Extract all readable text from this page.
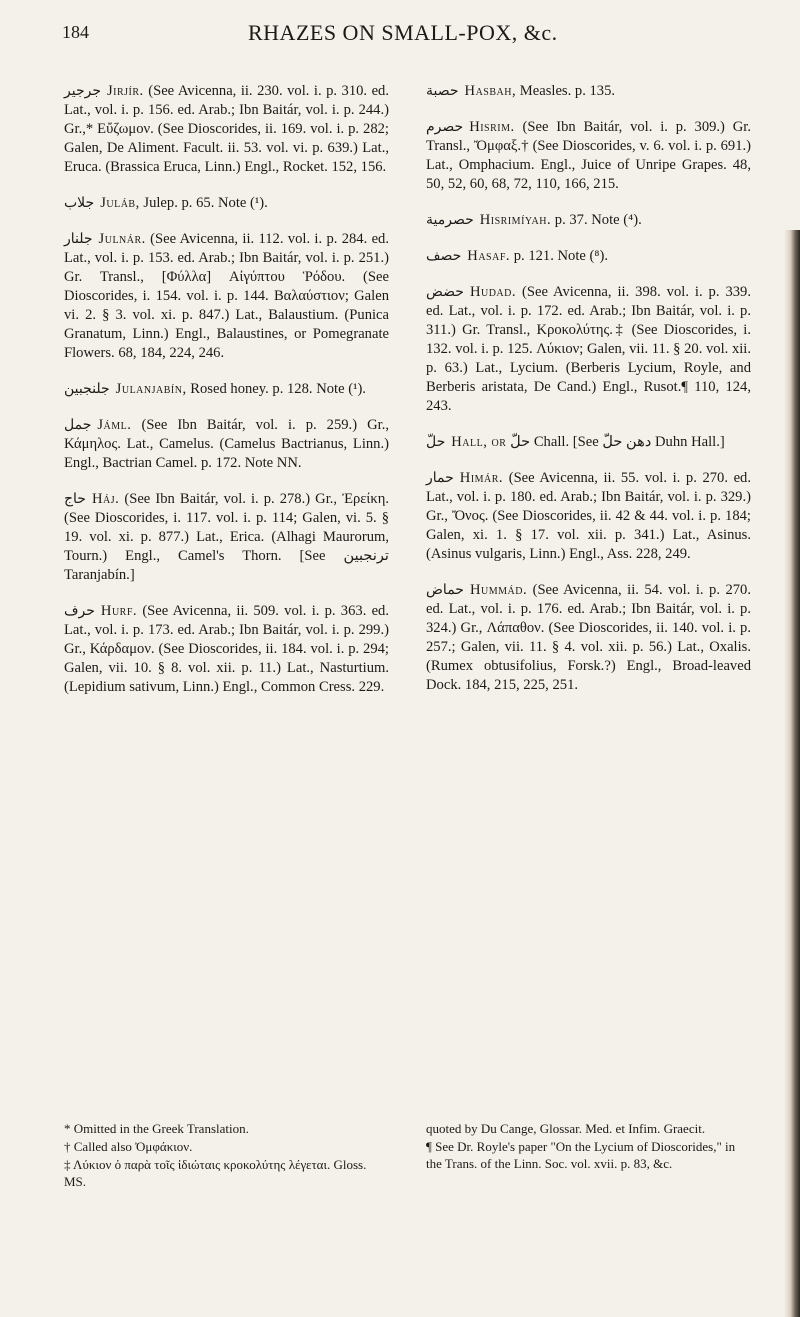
184	RHAZES ON SMALL-POX, &c.
جرجير Jirjír. (See Avicenna, ii. 230. vol. i. p. 310. ed. Lat., vol. i. p. 156. ed. Arab.; Ibn Baitár, vol. i. p. 244.) Gr.,* Εὔζωμον. (See Dioscorides, ii. 169. vol. i. p. 282; Galen, De Aliment. Facult. ii. 53. vol. vi. p. 639.) Lat., Eruca. (Brassica Eruca, Linn.) Engl., Rocket. 152, 156.
جلاب Juláb, Julep. p. 65. Note (¹).
جلنار Julnár. (See Avicenna, ii. 112. vol. i. p. 284. ed. Lat., vol. i. p. 153. ed. Arab.; Ibn Baitár, vol. i. p. 251.) Gr. Transl., [Φύλλα] Αἰγύπτου Ῥόδου. (See Dioscorides, i. 154. vol. i. p. 144. Βαλαύστιον; Galen vi. 2. § 3. vol. xi. p. 847.) Lat., Balaustium. (Punica Granatum, Linn.) Engl., Balaustines, or Pomegranate Flowers. 68, 184, 224, 246.
جلنجبين Julanjabín, Rosed honey. p. 128. Note (¹).
جمل Jáml. (See Ibn Baitár, vol. i. p. 259.) Gr., Κάμηλος. Lat., Camelus. (Camelus Bactrianus, Linn.) Engl., Bactrian Camel. p. 172. Note NN.
حاج Háj. (See Ibn Baitár, vol. i. p. 278.) Gr., Ἐρείκη. (See Dioscorides, i. 117. vol. i. p. 114; Galen, vi. 5. § 19. vol. xi. p. 877.) Lat., Erica. (Alhagi Maurorum, Tourn.) Engl., Camel's Thorn. [See ترنجبين Taranjabín.]
حرف Hurf. (See Avicenna, ii. 509. vol. i. p. 363. ed. Lat., vol. i. p. 173. ed. Arab.; Ibn Baitár, vol. i. p. 299.) Gr., Κάρδαμον. (See Dioscorides, ii. 184. vol. i. p. 294; Galen, vii. 10. § 8. vol. xii. p. 11.) Lat., Nasturtium. (Lepidium sativum, Linn.) Engl., Common Cress. 229.
حصبة Hasbah, Measles. p. 135.
حصرم Hisrim. (See Ibn Baitár, vol. i. p. 309.) Gr. Transl., Ὄμφαξ.† (See Dioscorides, v. 6. vol. i. p. 691.) Lat., Omphacium. Engl., Juice of Unripe Grapes. 48, 50, 52, 60, 68, 72, 110, 166, 215.
حصرمية Hisrimíyah. p. 37. Note (⁴).
حصف Hasaf. p. 121. Note (⁸).
حضض Hudad. (See Avicenna, ii. 398. vol. i. p. 339. ed. Lat., vol. i. p. 172. ed. Arab.; Ibn Baitár, vol. i. p. 311.) Gr. Transl., Κροκολύτης.‡ (See Dioscorides, i. 132. vol. i. p. 125. Λύκιον; Galen, vii. 11. § 20. vol. xii. p. 63.) Lat., Lycium. (Berberis Lycium, Royle, and Berberis aristata, De Cand.) Engl., Rusot.¶ 110, 124, 243.
حلّ Hall, or حلّ Chall. [See دهن حلّ Duhn Hall.]
حمار Himár. (See Avicenna, ii. 55. vol. i. p. 270. ed. Lat., vol. i. p. 180. ed. Arab.; Ibn Baitár, vol. i. p. 329.) Gr., Ὄνος. (See Dioscorides, ii. 42 & 44. vol. i. p. 184; Galen, xi. 1. § 17. vol. xii. p. 341.) Lat., Asinus. (Asinus vulgaris, Linn.) Engl., Ass. 228, 249.
حماض Hummád. (See Avicenna, ii. 54. vol. i. p. 270. ed. Lat., vol. i. p. 176. ed. Arab.; Ibn Baitár, vol. i. p. 324.) Gr., Λάπαθον. (See Dioscorides, ii. 140. vol. i. p. 257.; Galen, vii. 11. § 4. vol. xii. p. 56.) Lat., Oxalis. (Rumex obtusifolius, Forsk.?) Engl., Broad-leaved Dock. 184, 215, 225, 251.
* Omitted in the Greek Translation.
† Called also Ὀμφάκιον.
‡ Λύκιον ὁ παρὰ τοῖς ἰδιώταις κροκολύτης λέγεται. Gloss. MS.
quoted by Du Cange, Glossar. Med. et Infim. Graecit.
¶ See Dr. Royle's paper "On the Lycium of Dioscorides," in the Trans. of the Linn. Soc. vol. xvii. p. 83, &c.
